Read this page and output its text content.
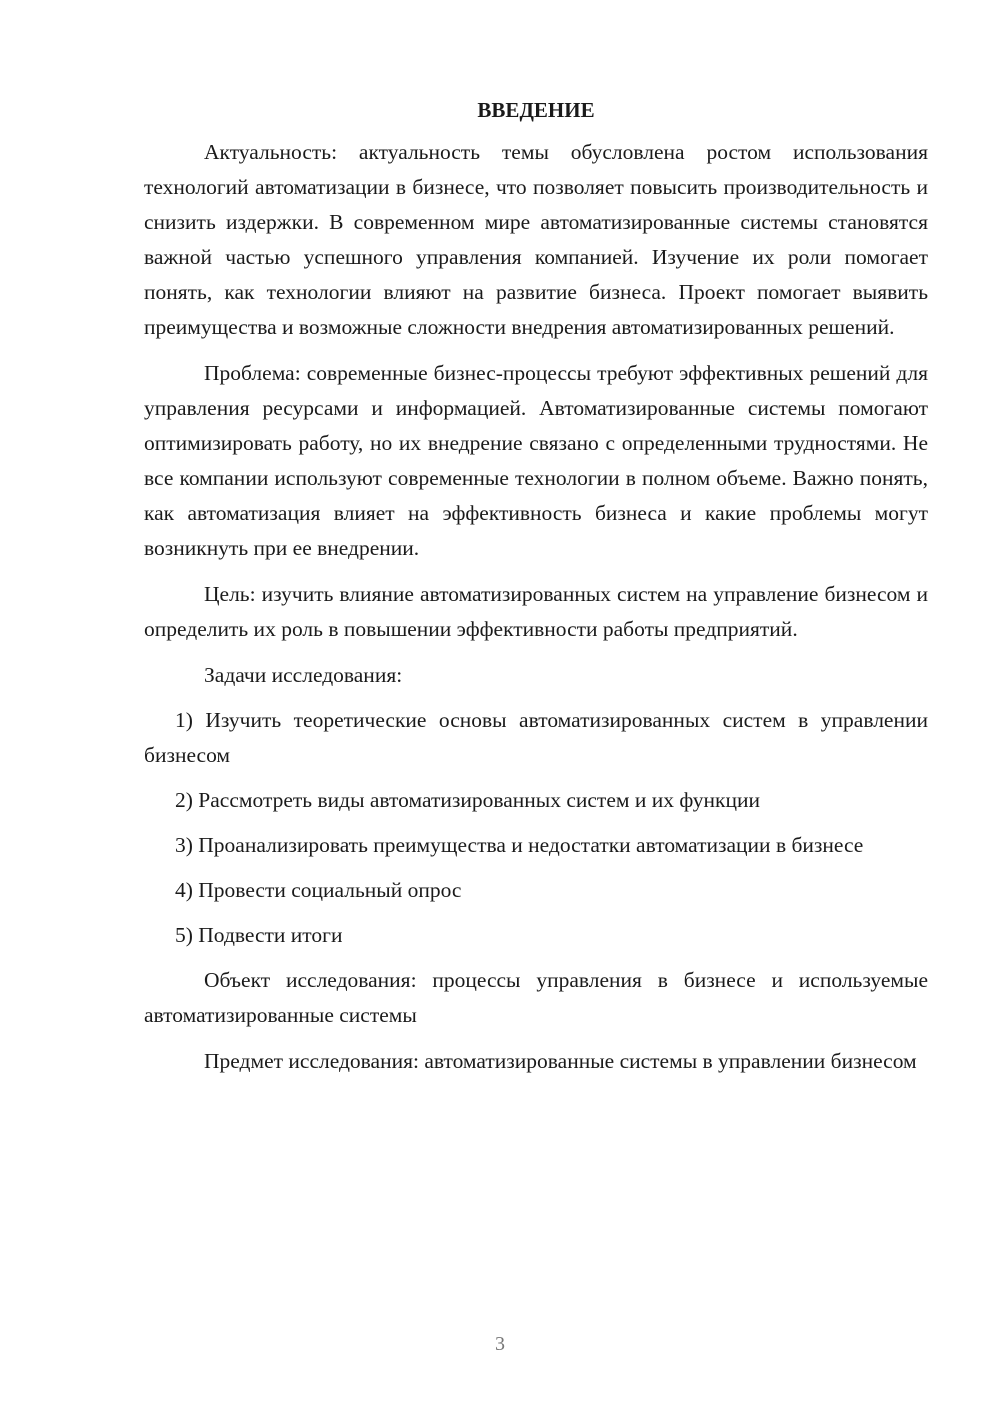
ВВЕДЕНИЕ

Актуальность: актуальность темы обусловлена ростом использования технологий автоматизации в бизнесе, что позволяет повысить производительность и снизить издержки. В современном мире автоматизированные системы становятся важной частью успешного управления компанией. Изучение их роли помогает понять, как технологии влияют на развитие бизнеса. Проект помогает выявить преимущества и возможные сложности внедрения автоматизированных решений.

Проблема: современные бизнес-процессы требуют эффективных решений для управления ресурсами и информацией. Автоматизированные системы помогают оптимизировать работу, но их внедрение связано с определенными трудностями. Не все компании используют современные технологии в полном объеме. Важно понять, как автоматизация влияет на эффективность бизнеса и какие проблемы могут возникнуть при ее внедрении.

Цель: изучить влияние автоматизированных систем на управление бизнесом и определить их роль в повышении эффективности работы предприятий.

Задачи исследования:

1) Изучить теоретические основы автоматизированных систем в управлении бизнесом

2) Рассмотреть виды автоматизированных систем и их функции

3) Проанализировать преимущества и недостатки автоматизации в бизнесе

4) Провести социальный опрос

5) Подвести итоги

Объект исследования: процессы управления в бизнесе и используемые автоматизированные системы

Предмет исследования: автоматизированные системы в управлении бизнесом

3
